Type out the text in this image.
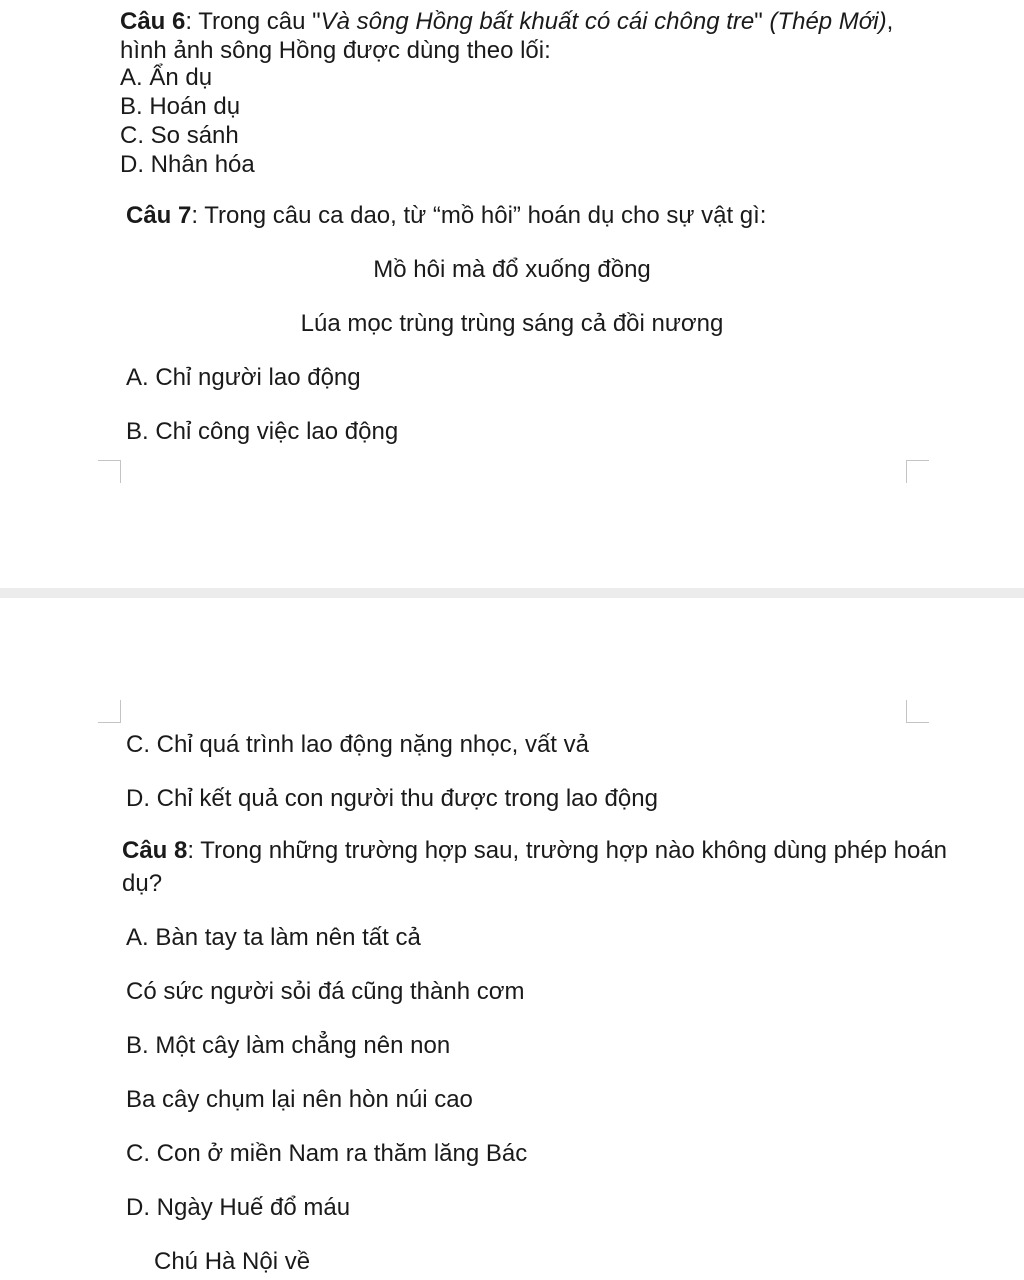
Câu 6: Trong câu "Và sông Hồng bất khuất có cái chông tre" (Thép Mới),
hình ảnh sông Hồng được dùng theo lối:
A. Ẩn dụ
B. Hoán dụ
C. So sánh
D. Nhân hóa
Câu 7: Trong câu ca dao, từ “mồ hôi” hoán dụ cho sự vật gì:
Mồ hôi mà đổ xuống đồng
Lúa mọc trùng trùng sáng cả đồi nương
A. Chỉ người lao động
B. Chỉ công việc lao động
C. Chỉ quá trình lao động nặng nhọc, vất vả
D. Chỉ kết quả con người thu được trong lao động
Câu 8: Trong những trường hợp sau, trường hợp nào không dùng phép hoán
dụ?
A. Bàn tay ta làm nên tất cả
Có sức người sỏi đá cũng thành cơm
B. Một cây làm chẳng nên non
Ba cây chụm lại nên hòn núi cao
C. Con ở miền Nam ra thăm lăng Bác
D. Ngày Huế đổ máu
Chú Hà Nội về
